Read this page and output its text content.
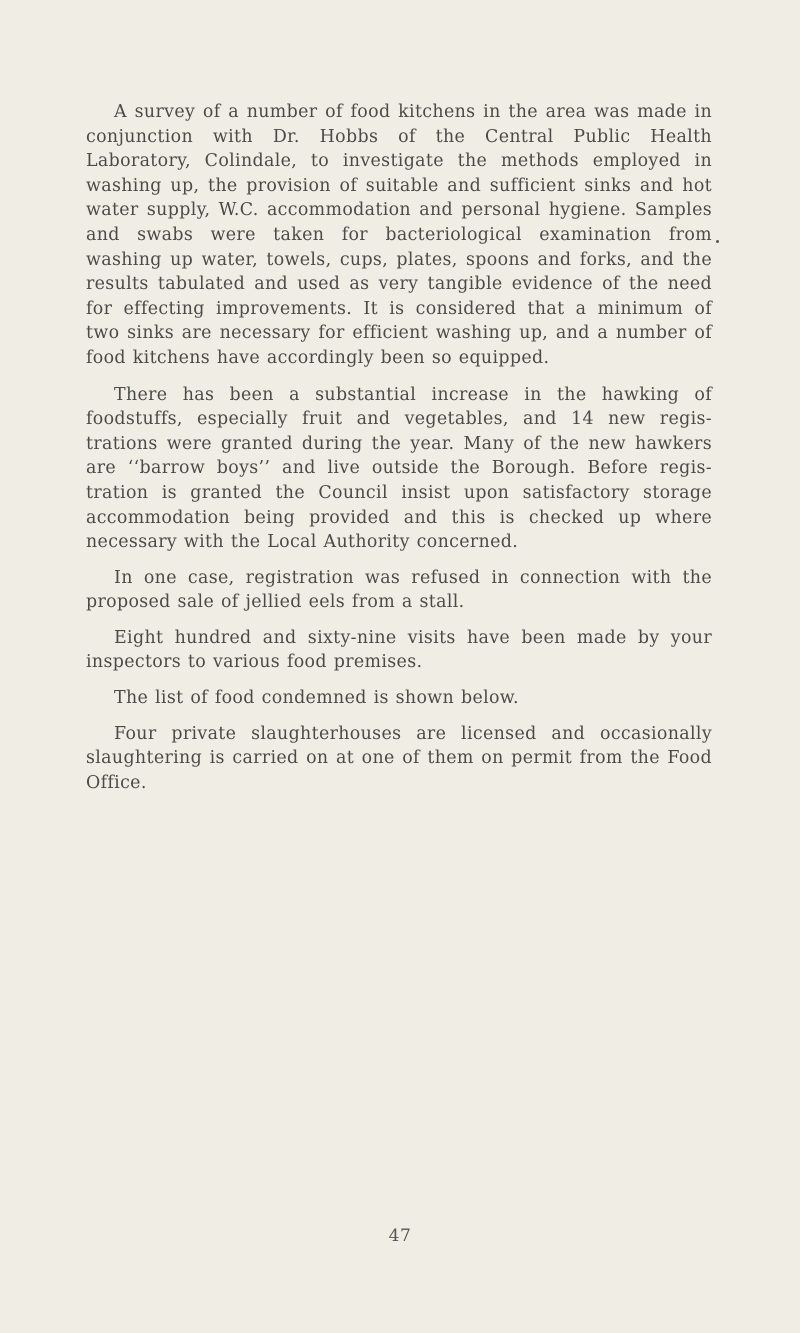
A survey of a number of food kitchens in the area was made in conjunction with Dr. Hobbs of the Central Public Health Laboratory, Colindale, to investigate the methods employed in washing up, the provision of suitable and sufficient sinks and hot water supply, W.C. accommodation and personal hygiene. Samples and swabs were taken for bacteriological examination from washing up water, towels, cups, plates, spoons and forks, and the results tabulated and used as very tangible evidence of the need for effecting improvements. It is considered that a minimum of two sinks are necessary for efficient washing up, and a number of food kitchens have accordingly been so equipped.

There has been a substantial increase in the hawking of foodstuffs, especially fruit and vegetables, and 14 new regis-trations were granted during the year. Many of the new hawkers are ‘‘barrow boys’’ and live outside the Borough. Before regis-tration is granted the Council insist upon satisfactory storage accommodation being provided and this is checked up where necessary with the Local Authority concerned.

In one case, registration was refused in connection with the proposed sale of jellied eels from a stall.

Eight hundred and sixty-nine visits have been made by your inspectors to various food premises.

The list of food condemned is shown below.

Four private slaughterhouses are licensed and occasionally slaughtering is carried on at one of them on permit from the Food Office.

47
